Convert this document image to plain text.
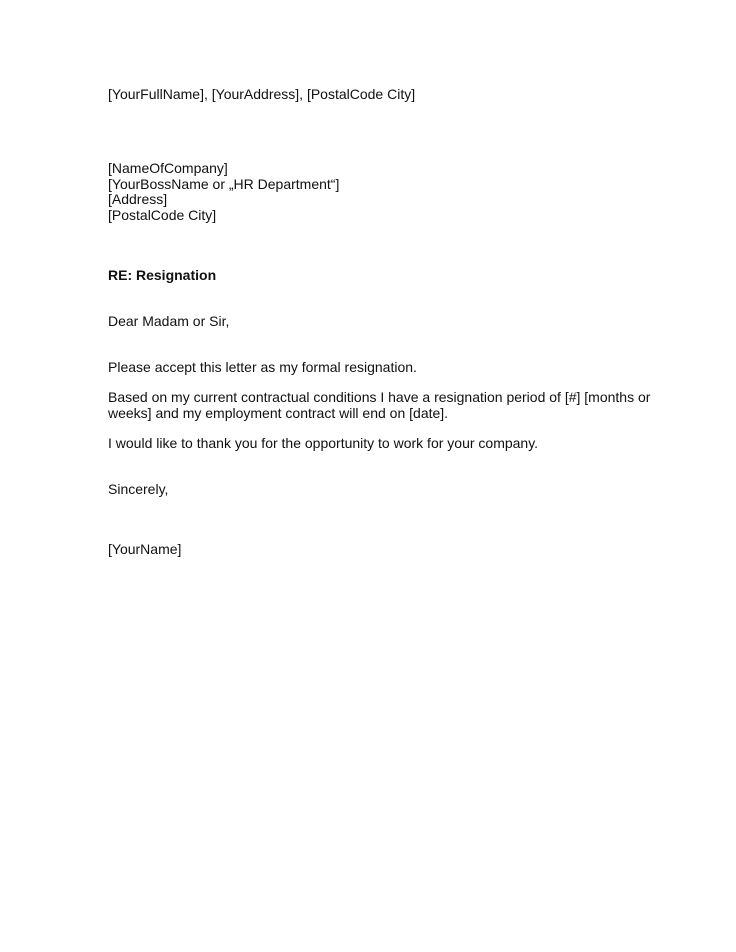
[YourFullName], [YourAddress], [PostalCode City]
[NameOfCompany]
[YourBossName or „HR Department“]
[Address]
[PostalCode City]
RE: Resignation
Dear Madam or Sir,
Please accept this letter as my formal resignation.
Based on my current contractual conditions I have a resignation period of [#] [months or
weeks] and my employment contract will end on [date].
I would like to thank you for the opportunity to work for your company.
Sincerely,
[YourName]
